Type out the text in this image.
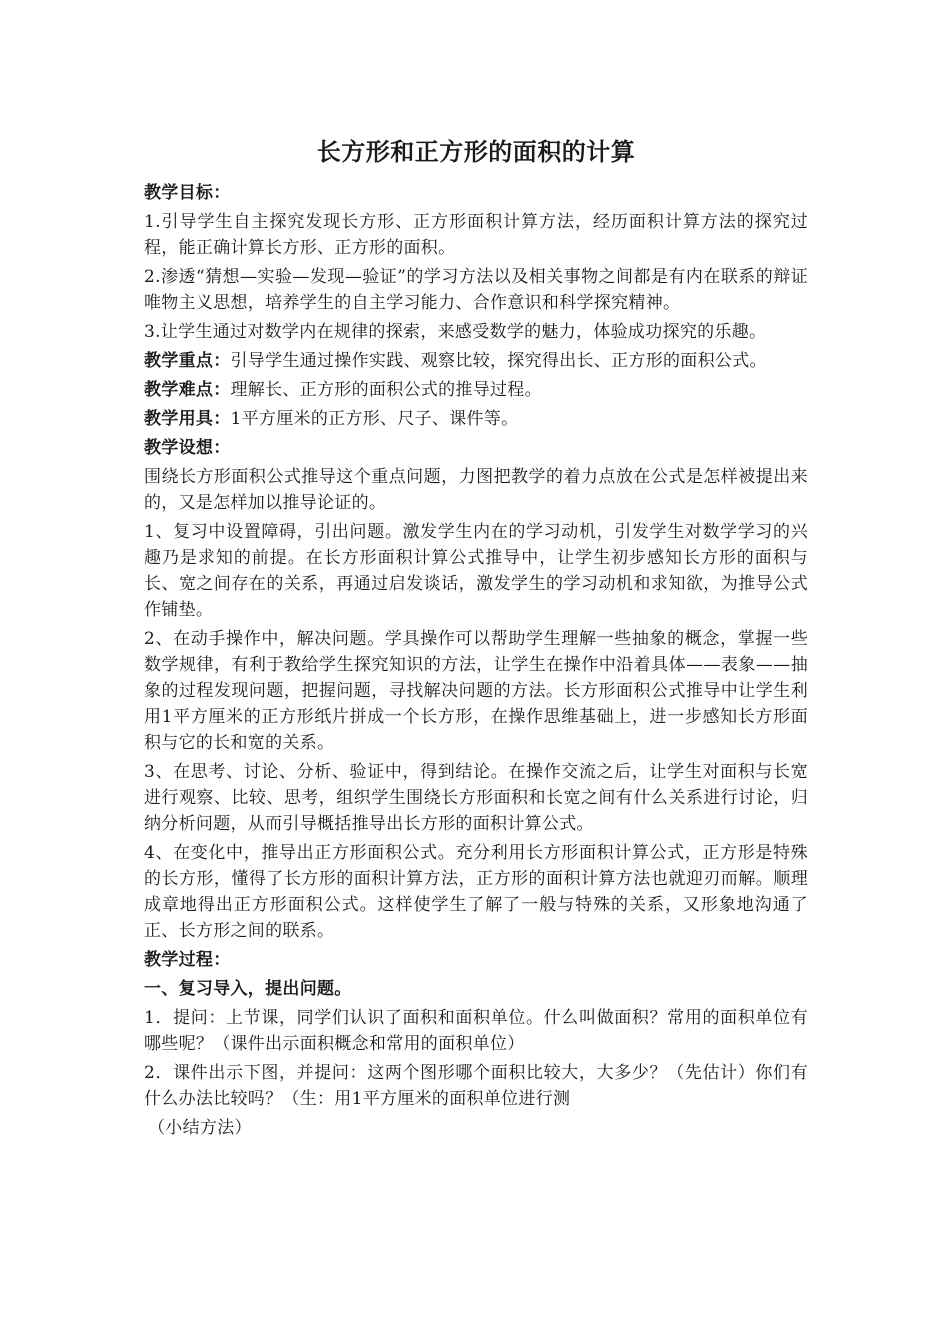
长方形和正方形的面积的计算
教学目标：
1.引导学生自主探究发现长方形、正方形面积计算方法，经历面积计算方法的探究过程，能正确计算长方形、正方形的面积。
2.渗透“猜想—实验—发现—验证”的学习方法以及相关事物之间都是有内在联系的辩证唯物主义思想，培养学生的自主学习能力、合作意识和科学探究精神。
3.让学生通过对数学内在规律的探索，来感受数学的魅力，体验成功探究的乐趣。
教学重点：引导学生通过操作实践、观察比较，探究得出长、正方形的面积公式。
教学难点：理解长、正方形的面积公式的推导过程。
教学用具：1平方厘米的正方形、尺子、课件等。
教学设想：
围绕长方形面积公式推导这个重点问题，力图把教学的着力点放在公式是怎样被提出来的，又是怎样加以推导论证的。
1、复习中设置障碍，引出问题。激发学生内在的学习动机，引发学生对数学学习的兴趣乃是求知的前提。在长方形面积计算公式推导中，让学生初步感知长方形的面积与长、宽之间存在的关系，再通过启发谈话，激发学生的学习动机和求知欲，为推导公式作铺垫。
2、在动手操作中，解决问题。学具操作可以帮助学生理解一些抽象的概念，掌握一些数学规律，有利于教给学生探究知识的方法，让学生在操作中沿着具体——表象——抽象的过程发现问题，把握问题，寻找解决问题的方法。长方形面积公式推导中让学生利用1平方厘米的正方形纸片拼成一个长方形，在操作思维基础上，进一步感知长方形面积与它的长和宽的关系。
3、在思考、讨论、分析、验证中，得到结论。在操作交流之后，让学生对面积与长宽进行观察、比较、思考，组织学生围绕长方形面积和长宽之间有什么关系进行讨论，归纳分析问题，从而引导概括推导出长方形的面积计算公式。
4、在变化中，推导出正方形面积公式。充分利用长方形面积计算公式，正方形是特殊的长方形，懂得了长方形的面积计算方法，正方形的面积计算方法也就迎刃而解。顺理成章地得出正方形面积公式。这样使学生了解了一般与特殊的关系，又形象地沟通了正、长方形之间的联系。
教学过程：
一、复习导入，提出问题。
1．提问：上节课，同学们认识了面积和面积单位。什么叫做面积？常用的面积单位有哪些呢？（课件出示面积概念和常用的面积单位）
2．课件出示下图，并提问：这两个图形哪个面积比较大，大多少？（先估计）你们有什么办法比较吗？（生：用1平方厘米的面积单位进行测
（小结方法）
